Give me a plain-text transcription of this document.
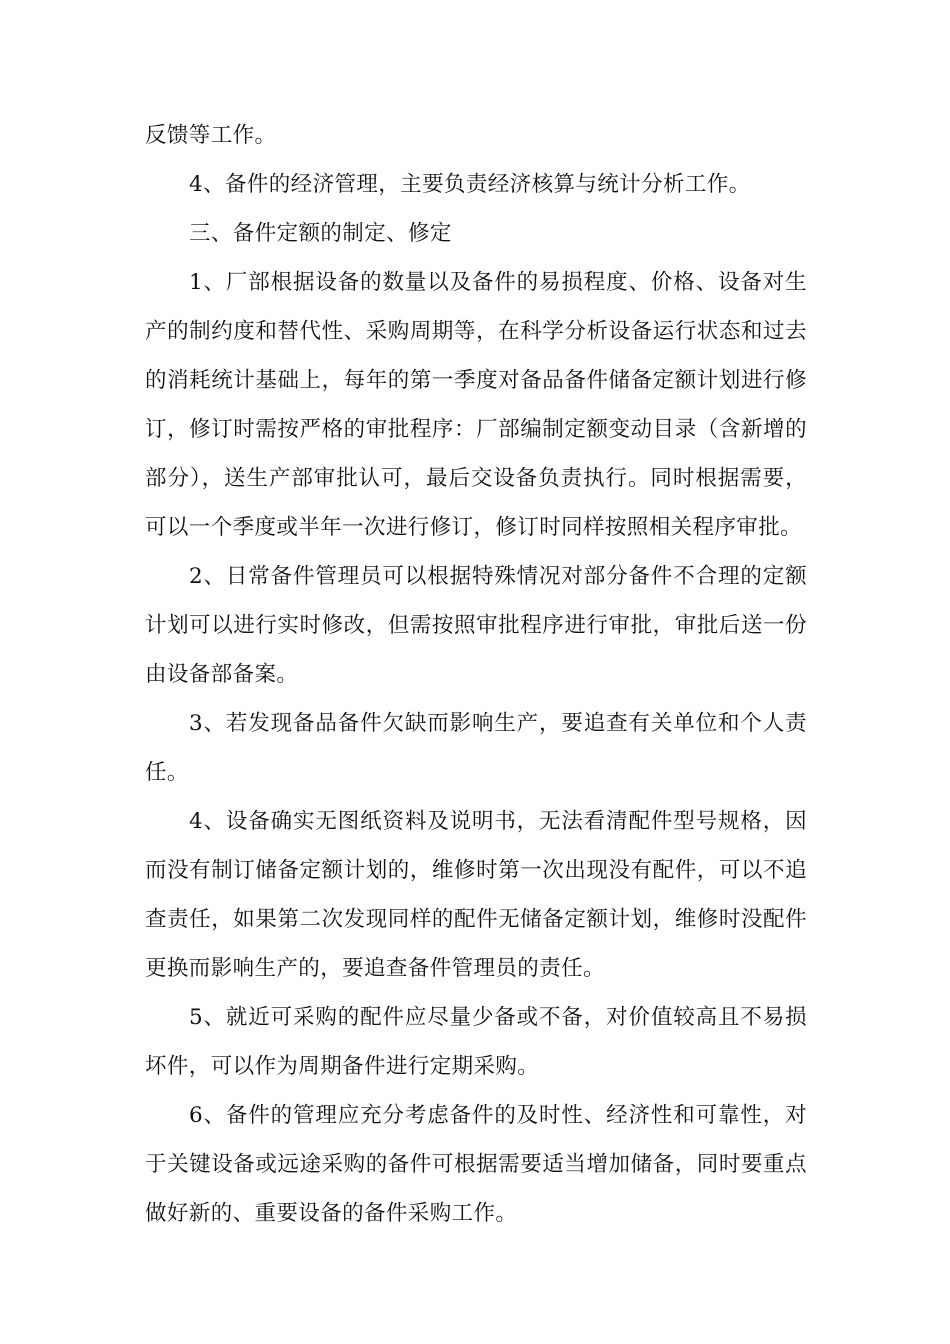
反馈等工作。

4、备件的经济管理，主要负责经济核算与统计分析工作。

三、备件定额的制定、修定

1、厂部根据设备的数量以及备件的易损程度、价格、设备对生产的制约度和替代性、采购周期等，在科学分析设备运行状态和过去的消耗统计基础上，每年的第一季度对备品备件储备定额计划进行修订，修订时需按严格的审批程序：厂部编制定额变动目录（含新增的部分），送生产部审批认可，最后交设备负责执行。同时根据需要，可以一个季度或半年一次进行修订，修订时同样按照相关程序审批。

2、日常备件管理员可以根据特殊情况对部分备件不合理的定额计划可以进行实时修改，但需按照审批程序进行审批，审批后送一份由设备部备案。

3、若发现备品备件欠缺而影响生产，要追查有关单位和个人责任。

4、设备确实无图纸资料及说明书，无法看清配件型号规格，因而没有制订储备定额计划的，维修时第一次出现没有配件，可以不追查责任，如果第二次发现同样的配件无储备定额计划，维修时没配件更换而影响生产的，要追查备件管理员的责任。

5、就近可采购的配件应尽量少备或不备，对价值较高且不易损坏件，可以作为周期备件进行定期采购。

6、备件的管理应充分考虑备件的及时性、经济性和可靠性，对于关键设备或远途采购的备件可根据需要适当增加储备，同时要重点做好新的、重要设备的备件采购工作。
